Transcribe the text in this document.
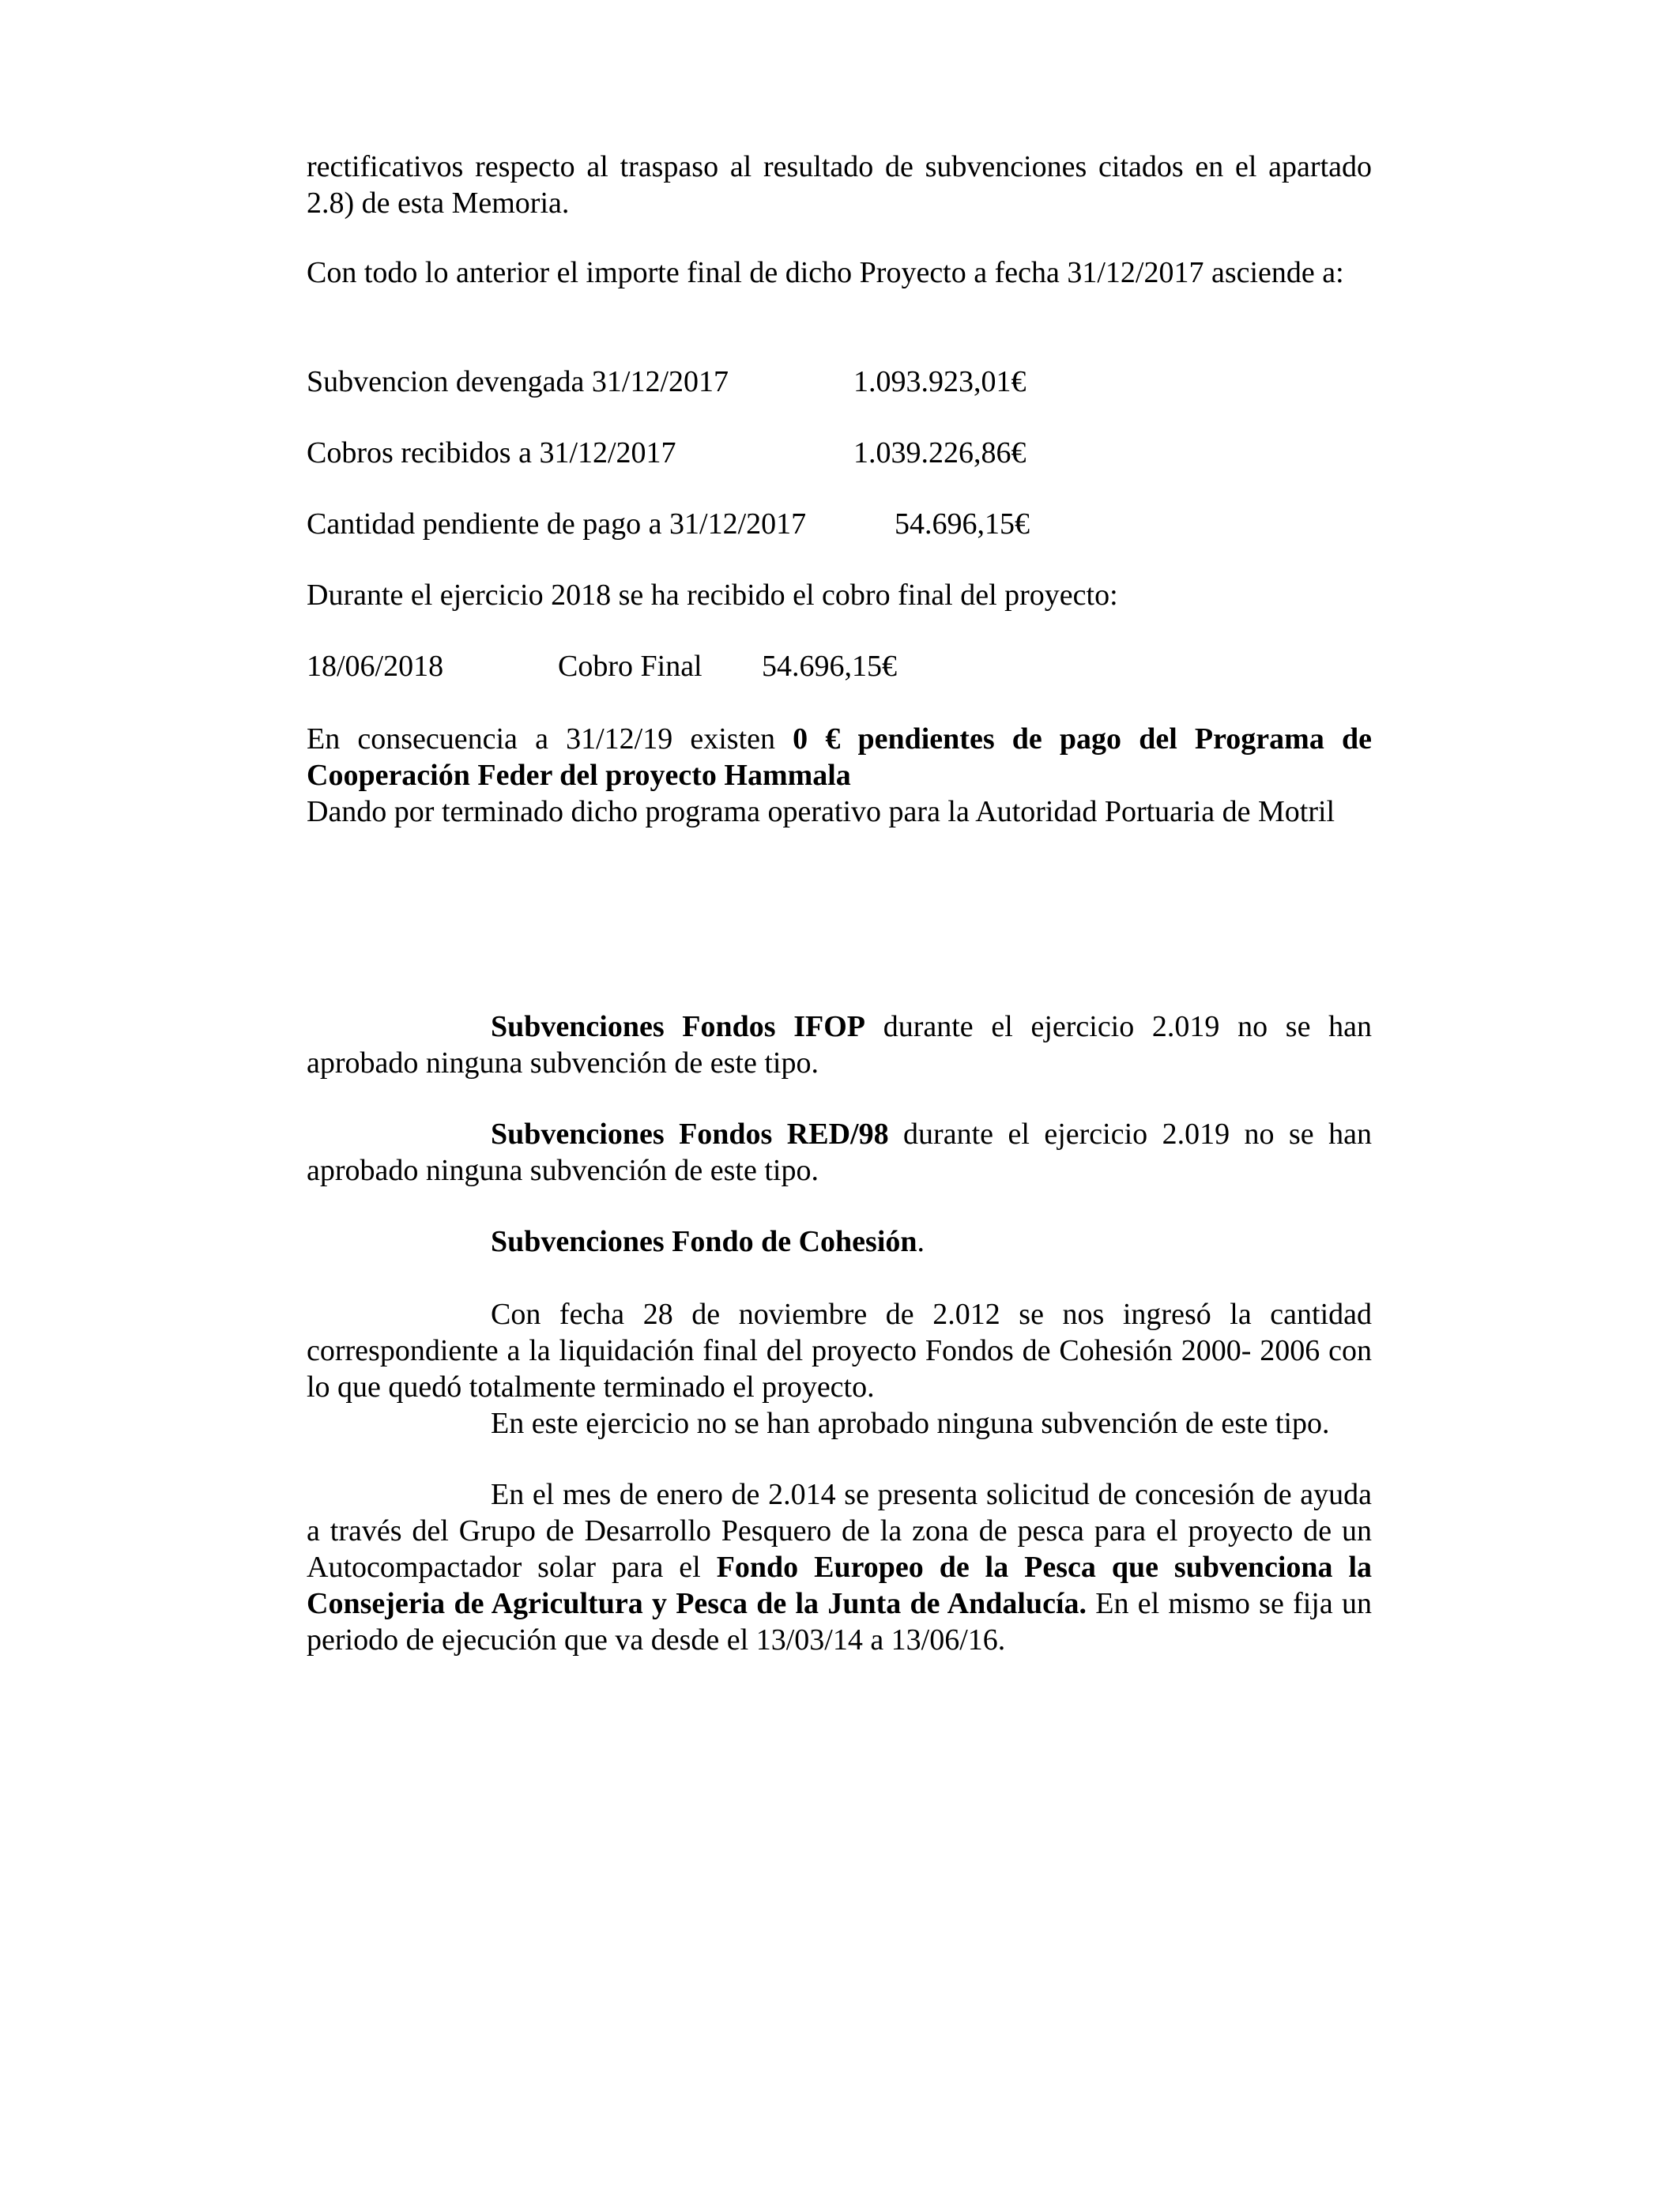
rectificativos respecto al traspaso al resultado de subvenciones citados en el apartado 2.8) de esta Memoria.
Con todo lo anterior el importe final de dicho Proyecto a fecha 31/12/2017 asciende a:
Subvencion devengada 31/12/2017	1.093.923,01€
Cobros recibidos a 31/12/2017	1.039.226,86€
Cantidad pendiente de pago a 31/12/2017	54.696,15€
Durante el ejercicio 2018 se ha recibido el cobro final del proyecto:
18/06/2018	Cobro Final 54.696,15€
En consecuencia a 31/12/19 existen 0 € pendientes de pago del Programa de Cooperación Feder del proyecto Hammala
Dando por terminado dicho programa operativo para la Autoridad Portuaria de Motril
Subvenciones Fondos IFOP durante el ejercicio 2.019 no se han aprobado ninguna subvención de este tipo.
Subvenciones Fondos RED/98 durante el ejercicio 2.019 no se han aprobado ninguna subvención de este tipo.
Subvenciones Fondo de Cohesión.
Con fecha 28 de noviembre de 2.012 se nos ingresó la cantidad correspondiente a la liquidación final del proyecto Fondos de Cohesión 2000- 2006 con lo que quedó totalmente terminado el proyecto.
En este ejercicio no se han aprobado ninguna subvención de este tipo.
En el mes de enero de 2.014 se presenta solicitud de concesión de ayuda a través del Grupo de Desarrollo Pesquero de la zona de pesca para el proyecto de un Autocompactador solar para el Fondo Europeo de la Pesca que subvenciona la Consejeria de Agricultura y Pesca de la Junta de Andalucía. En el mismo se fija un periodo de ejecución que va desde el 13/03/14 a 13/06/16.
